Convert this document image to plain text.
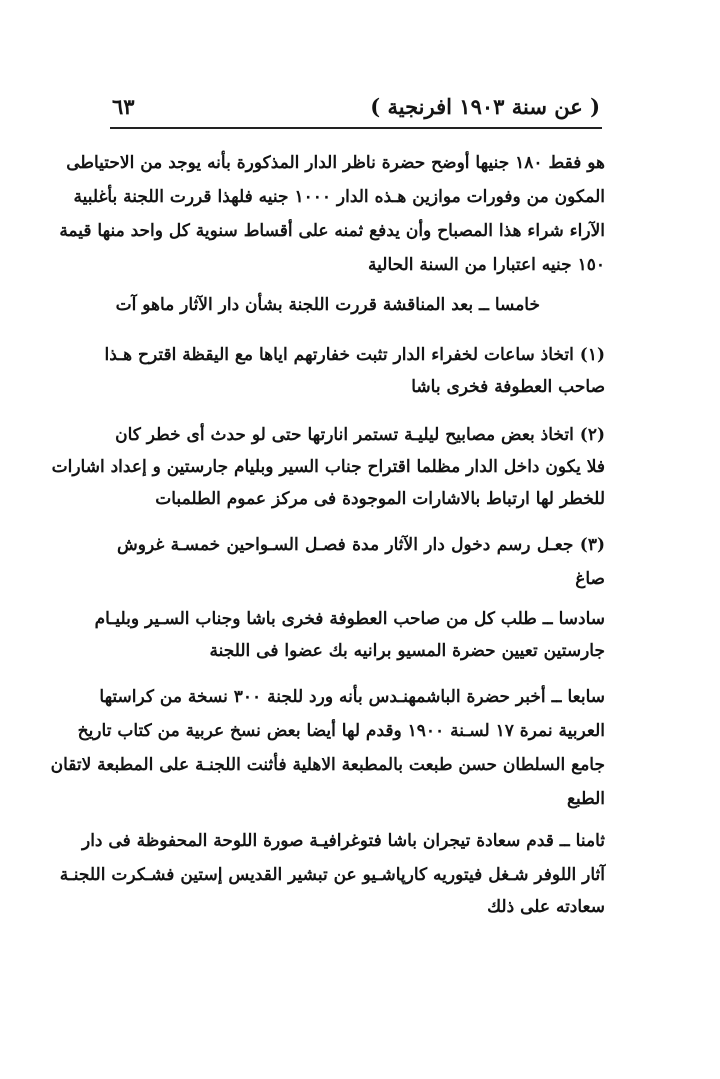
( عن سنة ١٩٠٣ افرنجية )
٦٣
هو فقط ١٨٠ جنيها أوضح حضرة ناظر الدار المذكورة بأنه يوجد من الاحتياطى
المكون من وفورات موازين هـذه الدار ١٠٠٠ جنيه فلهذا قررت اللجنة بأغلبية
الآراء شراء هذا المصباح وأن يدفع ثمنه على أقساط سنوية كل واحد منها قيمة
١٥٠ جنيه اعتبارا من السنة الحالية
خامسا ــ بعد المناقشة قررت اللجنة بشأن دار الآثار ماهو آت
(١) اتخاذ ساعات لخفراء الدار تثبت خفارتهم اياها مع اليقظة اقترح هـذا
صاحب العطوفة فخرى باشا
(٢) اتخاذ بعض مصابيح ليليـة تستمر انارتها حتى لو حدث أى خطر كان
فلا يكون داخل الدار مظلما اقتراح جناب السير وبليام جارستين و إعداد اشارات
للخطر لها ارتباط بالاشارات الموجودة فى مركز عموم الطلمبات
(٣) جعـل رسم دخول دار الآثار مدة فصـل السـواحين خمسـة غروش
صاغ
سادسا ــ طلب كل من صاحب العطوفة فخرى باشا وجناب السـير وبليـام
جارستين تعيين حضرة المسيو برانيه بك عضوا فى اللجنة
سابعا ــ أخبر حضرة الباشمهنـدس بأنه ورد للجنة ٣٠٠ نسخة من كراستها
العربية نمرة ١٧ لسـنة ١٩٠٠ وقدم لها أيضا بعض نسخ عربية من كتاب تاريخ
جامع السلطان حسن طبعت بالمطبعة الاهلية فأثنت اللجنـة على المطبعة لاتقان
الطبع
ثامنا ــ قدم سعادة تيجران باشا فتوغرافيـة صورة اللوحة المحفوظة فى دار
آثار اللوفر شـغل فيتوريه كارپاشـيو عن تبشير القديس إستين فشـكرت اللجنـة
سعادته على ذلك
